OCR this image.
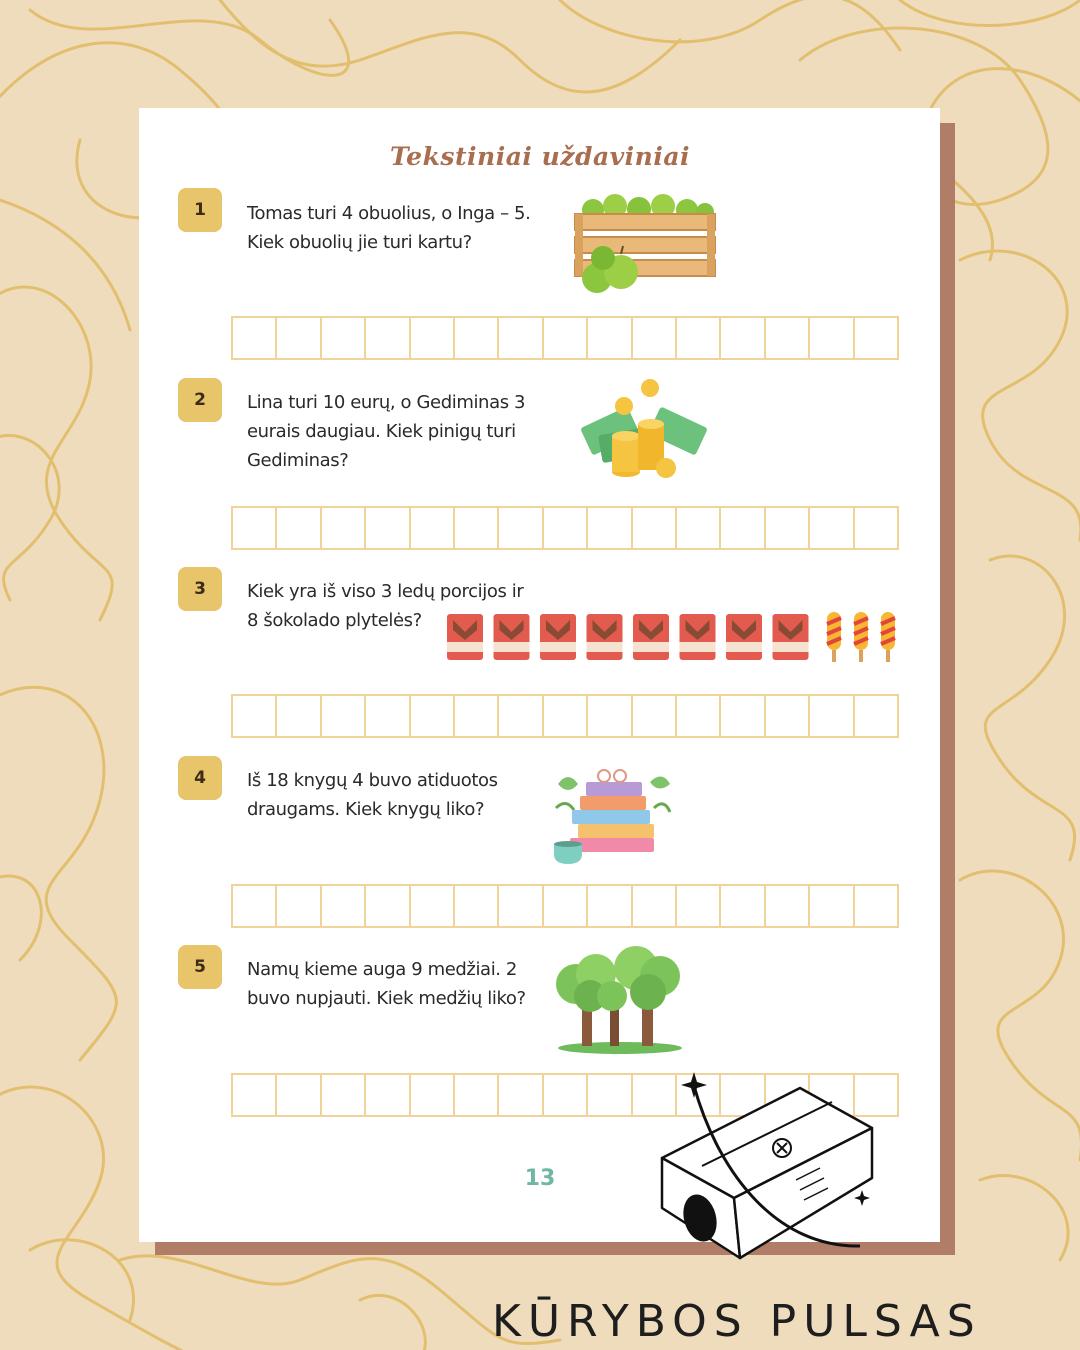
Tekstiniai uždaviniai
1	Tomas turi 4 obuolius, o Inga – 5.
Kiek obuolių jie turi kartu?
2	Lina turi 10 eurų, o Gediminas 3
eurais daugiau. Kiek pinigų turi
Gediminas?
3	Kiek yra iš viso 3 ledų porcijos ir
8 šokolado plytelės?
4	Iš 18 knygų 4 buvo atiduotos
draugams. Kiek knygų liko?
5	Namų kieme auga 9 medžiai. 2
buvo nupjauti. Kiek medžių liko?
13
KŪRYBOS PULSAS
